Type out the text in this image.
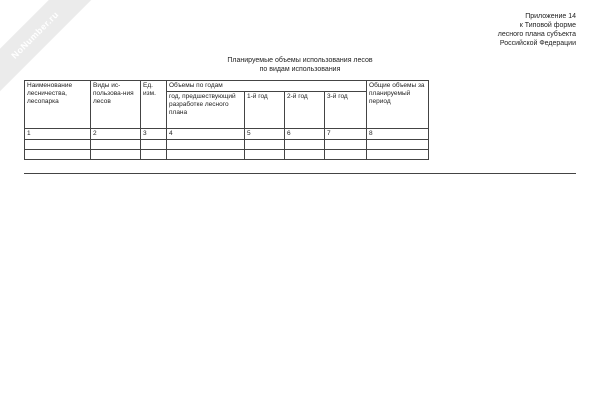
NoNumber.ru	Приложение 14
к Типовой форме
лесного плана субъекта
Российской Федерации
Планируемые объемы использования лесов
по видам использования
Наименование лесничества, лесопарка	Виды ис-пользова-ния лесов	Ед. изм.	Объемы по годам				Общие объемы за планируемый период
			год, предшествующий разработке лесного плана	1-й год	2-й год	3-й год	
1	2	3	4	5	6	7	8
